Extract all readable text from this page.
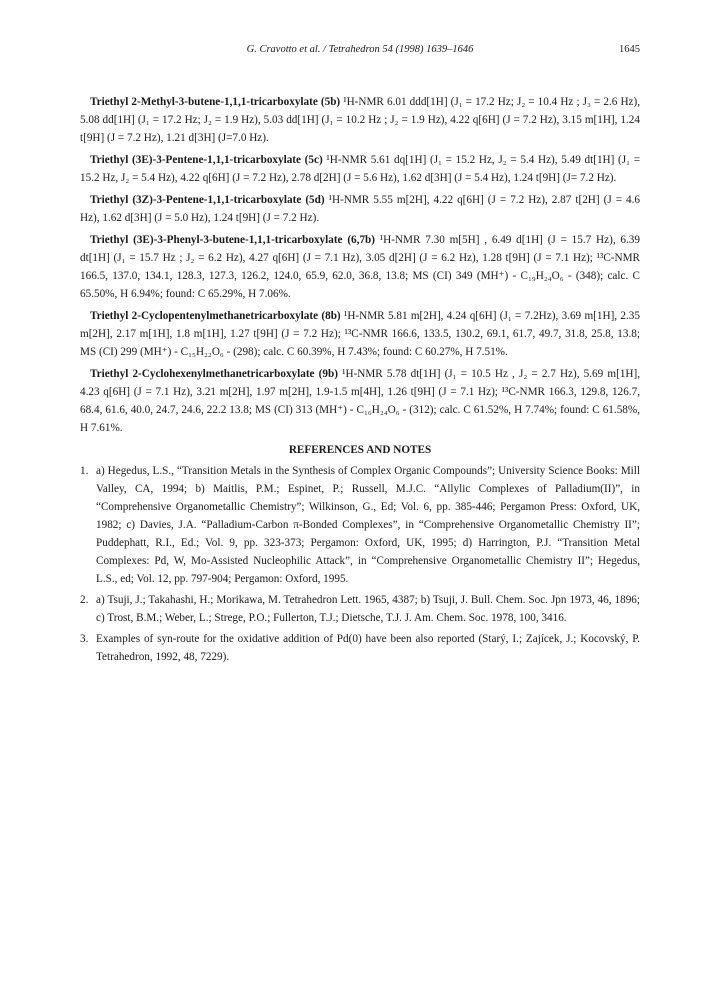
G. Cravotto et al. / Tetrahedron 54 (1998) 1639–1646	1645

Triethyl 2-Methyl-3-butene-1,1,1-tricarboxylate (5b) ¹H-NMR 6.01 ddd[1H] (J₁ = 17.2 Hz; J₂ = 10.4 Hz ; J₃ = 2.6 Hz), 5.08 dd[1H] (J₁ = 17.2 Hz; J₂ = 1.9 Hz), 5.03 dd[1H] (J₁ = 10.2 Hz ; J₂ = 1.9 Hz), 4.22 q[6H] (J = 7.2 Hz), 3.15 m[1H], 1.24 t[9H] (J = 7.2 Hz), 1.21 d[3H] (J=7.0 Hz).

Triethyl (3E)-3-Pentene-1,1,1-tricarboxylate (5c) ¹H-NMR 5.61 dq[1H] (J₁ = 15.2 Hz, J₂ = 5.4 Hz), 5.49 dt[1H] (J₁ = 15.2 Hz, J₂ = 5.4 Hz), 4.22 q[6H] (J = 7.2 Hz), 2.78 d[2H] (J = 5.6 Hz), 1.62 d[3H] (J = 5.4 Hz), 1.24 t[9H] (J= 7.2 Hz).

Triethyl (3Z)-3-Pentene-1,1,1-tricarboxylate (5d) ¹H-NMR 5.55 m[2H], 4.22 q[6H] (J = 7.2 Hz), 2.87 t[2H] (J = 4.6 Hz), 1.62 d[3H] (J = 5.0 Hz), 1.24 t[9H] (J = 7.2 Hz).

Triethyl (3E)-3-Phenyl-3-butene-1,1,1-tricarboxylate (6,7b) ¹H-NMR 7.30 m[5H] , 6.49 d[1H] (J = 15.7 Hz), 6.39 dt[1H] (J₁ = 15.7 Hz ; J₂ = 6.2 Hz), 4.27 q[6H] (J = 7.1 Hz), 3.05 d[2H] (J = 6.2 Hz), 1.28 t[9H] (J = 7.1 Hz); ¹³C-NMR 166.5, 137.0, 134.1, 128.3, 127.3, 126.2, 124.0, 65.9, 62.0, 36.8, 13.8; MS (CI) 349 (MH⁺) - C₁₉H₂₄O₆ - (348); calc. C 65.50%, H 6.94%; found: C 65.29%, H 7.06%.

Triethyl 2-Cyclopentenylmethanetricarboxylate (8b) ¹H-NMR 5.81 m[2H], 4.24 q[6H] (J₁ = 7.2Hz), 3.69 m[1H], 2.35 m[2H], 2.17 m[1H], 1.8 m[1H], 1.27 t[9H] (J = 7.2 Hz); ¹³C-NMR 166.6, 133.5, 130.2, 69.1, 61.7, 49.7, 31.8, 25.8, 13.8; MS (CI) 299 (MH⁺) - C₁₅H₂₂O₆ - (298); calc. C 60.39%, H 7.43%; found: C 60.27%, H 7.51%.

Triethyl 2-Cyclohexenylmethanetricarboxylate (9b) ¹H-NMR 5.78 dt[1H] (J₁ = 10.5 Hz , J₂ = 2.7 Hz), 5.69 m[1H], 4.23 q[6H] (J = 7.1 Hz), 3.21 m[2H], 1.97 m[2H], 1.9-1.5 m[4H], 1.26 t[9H] (J = 7.1 Hz); ¹³C-NMR 166.3, 129.8, 126.7, 68.4, 61.6, 40.0, 24.7, 24.6, 22.2 13.8; MS (CI) 313 (MH⁺) - C₁₆H₂₄O₆ - (312); calc. C 61.52%, H 7.74%; found: C 61.58%, H 7.61%.

REFERENCES AND NOTES
1. a) Hegedus, L.S., “Transition Metals in the Synthesis of Complex Organic Compounds”; University Science Books: Mill Valley, CA, 1994; b) Maitlis, P.M.; Espinet, P.; Russell, M.J.C. “Allylic Complexes of Palladium(II)”, in “Comprehensive Organometallic Chemistry”; Wilkinson, G., Ed; Vol. 6, pp. 385-446; Pergamon Press: Oxford, UK, 1982; c) Davies, J.A. “Palladium-Carbon π-Bonded Complexes”, in “Comprehensive Organometallic Chemistry II”; Puddephatt, R.I., Ed.; Vol. 9, pp. 323-373; Pergamon: Oxford, UK, 1995; d) Harrington, P.J. “Transition Metal Complexes: Pd, W, Mo-Assisted Nucleophilic Attack”, in “Comprehensive Organometallic Chemistry II”; Hegedus, L.S., ed; Vol. 12, pp. 797-904; Pergamon: Oxford, 1995.
2. a) Tsuji, J.; Takahashi, H.; Morikawa, M. Tetrahedron Lett. 1965, 4387; b) Tsuji, J. Bull. Chem. Soc. Jpn 1973, 46, 1896; c) Trost, B.M.; Weber, L.; Strege, P.O.; Fullerton, T.J.; Dietsche, T.J. J. Am. Chem. Soc. 1978, 100, 3416.
3. Examples of syn-route for the oxidative addition of Pd(0) have been also reported (Starý, I.; Zajícek, J.; Kocovský, P. Tetrahedron, 1992, 48, 7229).
